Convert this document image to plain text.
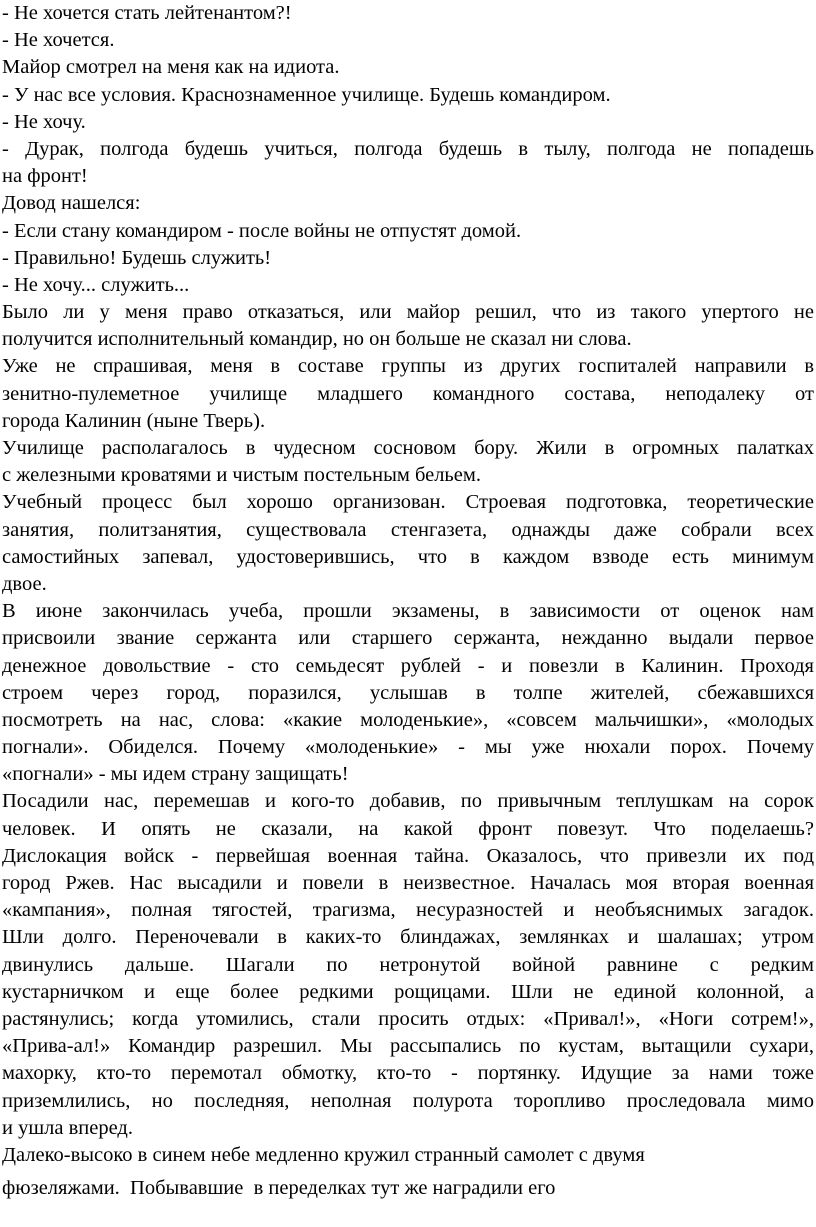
- Не хочется стать лейтенантом?!
- Не хочется.
Майор смотрел на меня как на идиота.
- У нас все условия. Краснознаменное училище. Будешь командиром.
- Не хочу.
- Дурак, полгода будешь учиться, полгода будешь в тылу, полгода не попадешь
на фронт!
Довод нашелся:
- Если стану командиром - после войны не отпустят домой.
- Правильно! Будешь служить!
- Не хочу... служить...
Было ли у меня право отказаться, или майор решил, что из такого упертого не
получится исполнительный командир, но он больше не сказал ни слова.
Уже не спрашивая, меня в составе группы из других госпиталей направили в
зенитно-пулеметное училище младшего командного состава, неподалеку от
города Калинин (ныне Тверь).
Училище располагалось в чудесном сосновом бору. Жили в огромных палатках
с железными кроватями и чистым постельным бельем.
Учебный процесс был хорошо организован. Строевая подготовка, теоретические
занятия, политзанятия, существовала стенгазета, однажды даже собрали всех
самостийных запевал, удостоверившись, что в каждом взводе есть минимум
двое.
В июне закончилась учеба, прошли экзамены, в зависимости от оценок нам
присвоили звание сержанта или старшего сержанта, нежданно выдали первое
денежное довольствие - сто семьдесят рублей - и повезли в Калинин. Проходя
строем через город, поразился, услышав в толпе жителей, сбежавшихся
посмотреть на нас, слова: «какие молоденькие», «совсем мальчишки», «молодых
погнали». Обиделся. Почему «молоденькие» - мы уже нюхали порох. Почему
«погнали» - мы идем страну защищать!
Посадили нас, перемешав и кого-то добавив, по привычным теплушкам на сорок
человек. И опять не сказали, на какой фронт повезут. Что поделаешь?
Дислокация войск - первейшая военная тайна. Оказалось, что привезли их под
город Ржев. Нас высадили и повели в неизвестное. Началась моя вторая военная
«кампания», полная тягостей, трагизма, несуразностей и необъяснимых загадок.
Шли долго. Переночевали в каких-то блиндажах, землянках и шалашах; утром
двинулись дальше. Шагали по нетронутой войной равнине с редким
кустарничком и еще более редкими рощицами. Шли не единой колонной, а
растянулись; когда утомились, стали просить отдых: «Привал!», «Ноги сотрем!»,
«Прива-ал!» Командир разрешил. Мы рассыпались по кустам, вытащили сухари,
махорку, кто-то перемотал обмотку, кто-то - портянку. Идущие за нами тоже
приземлились, но последняя, неполная полурота торопливо проследовала мимо
и ушла вперед.
Далеко-высоко в синем небе медленно кружил странный самолет с двумя
фюзеляжами.  Побывавшие  в переделках тут же наградили его
